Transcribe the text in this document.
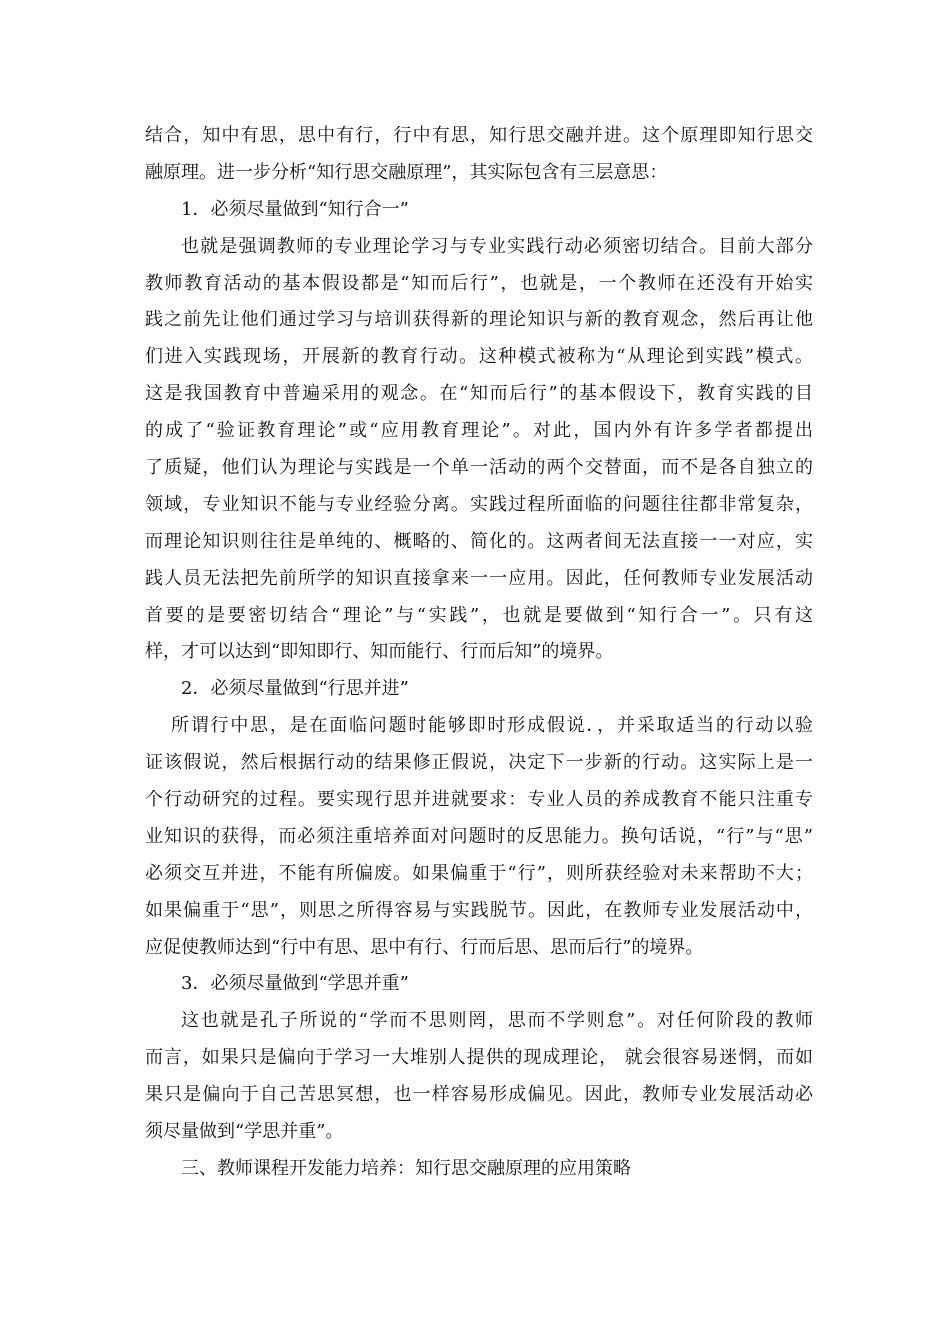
结合，知中有思，思中有行，行中有思，知行思交融并进。这个原理即知行思交
融原理。进一步分析“知行思交融原理”，其实际包含有三层意思：
1．必须尽量做到“知行合一”
也就是强调教师的专业理论学习与专业实践行动必须密切结合。目前大部分
教师教育活动的基本假设都是“知而后行”，也就是，一个教师在还没有开始实
践之前先让他们通过学习与培训获得新的理论知识与新的教育观念，然后再让他
们进入实践现场，开展新的教育行动。这种模式被称为“从理论到实践”模式。
这是我国教育中普遍采用的观念。在“知而后行”的基本假设下，教育实践的目
的成了“验证教育理论”或“应用教育理论”。对此，国内外有许多学者都提出
了质疑，他们认为理论与实践是一个单一活动的两个交替面，而不是各自独立的
领域，专业知识不能与专业经验分离。实践过程所面临的问题往往都非常复杂，
而理论知识则往往是单纯的、概略的、简化的。这两者间无法直接一一对应，实
践人员无法把先前所学的知识直接拿来一一应用。因此，任何教师专业发展活动
首要的是要密切结合“理论”与“实践”，也就是要做到“知行合一”。只有这
样，才可以达到“即知即行、知而能行、行而后知”的境界。
2．必须尽量做到“行思并进”
所谓行中思，是在面临问题时能够即时形成假说．，并采取适当的行动以验
证该假说，然后根据行动的结果修正假说，决定下一步新的行动。这实际上是一
个行动研究的过程。要实现行思并进就要求：专业人员的养成教育不能只注重专
业知识的获得，而必须注重培养面对问题时的反思能力。换句话说，“行”与“思”
必须交互并进，不能有所偏废。如果偏重于“行”，则所获经验对未来帮助不大；
如果偏重于“思”，则思之所得容易与实践脱节。因此，在教师专业发展活动中，
应促使教师达到“行中有思、思中有行、行而后思、思而后行”的境界。
3．必须尽量做到“学思并重”
这也就是孔子所说的“学而不思则罔，思而不学则怠”。对任何阶段的教师
而言，如果只是偏向于学习一大堆别人提供的现成理论， 就会很容易迷惘，而如
果只是偏向于自己苦思冥想，也一样容易形成偏见。因此，教师专业发展活动必
须尽量做到“学思并重”。
三、教师课程开发能力培养：知行思交融原理的应用策略
